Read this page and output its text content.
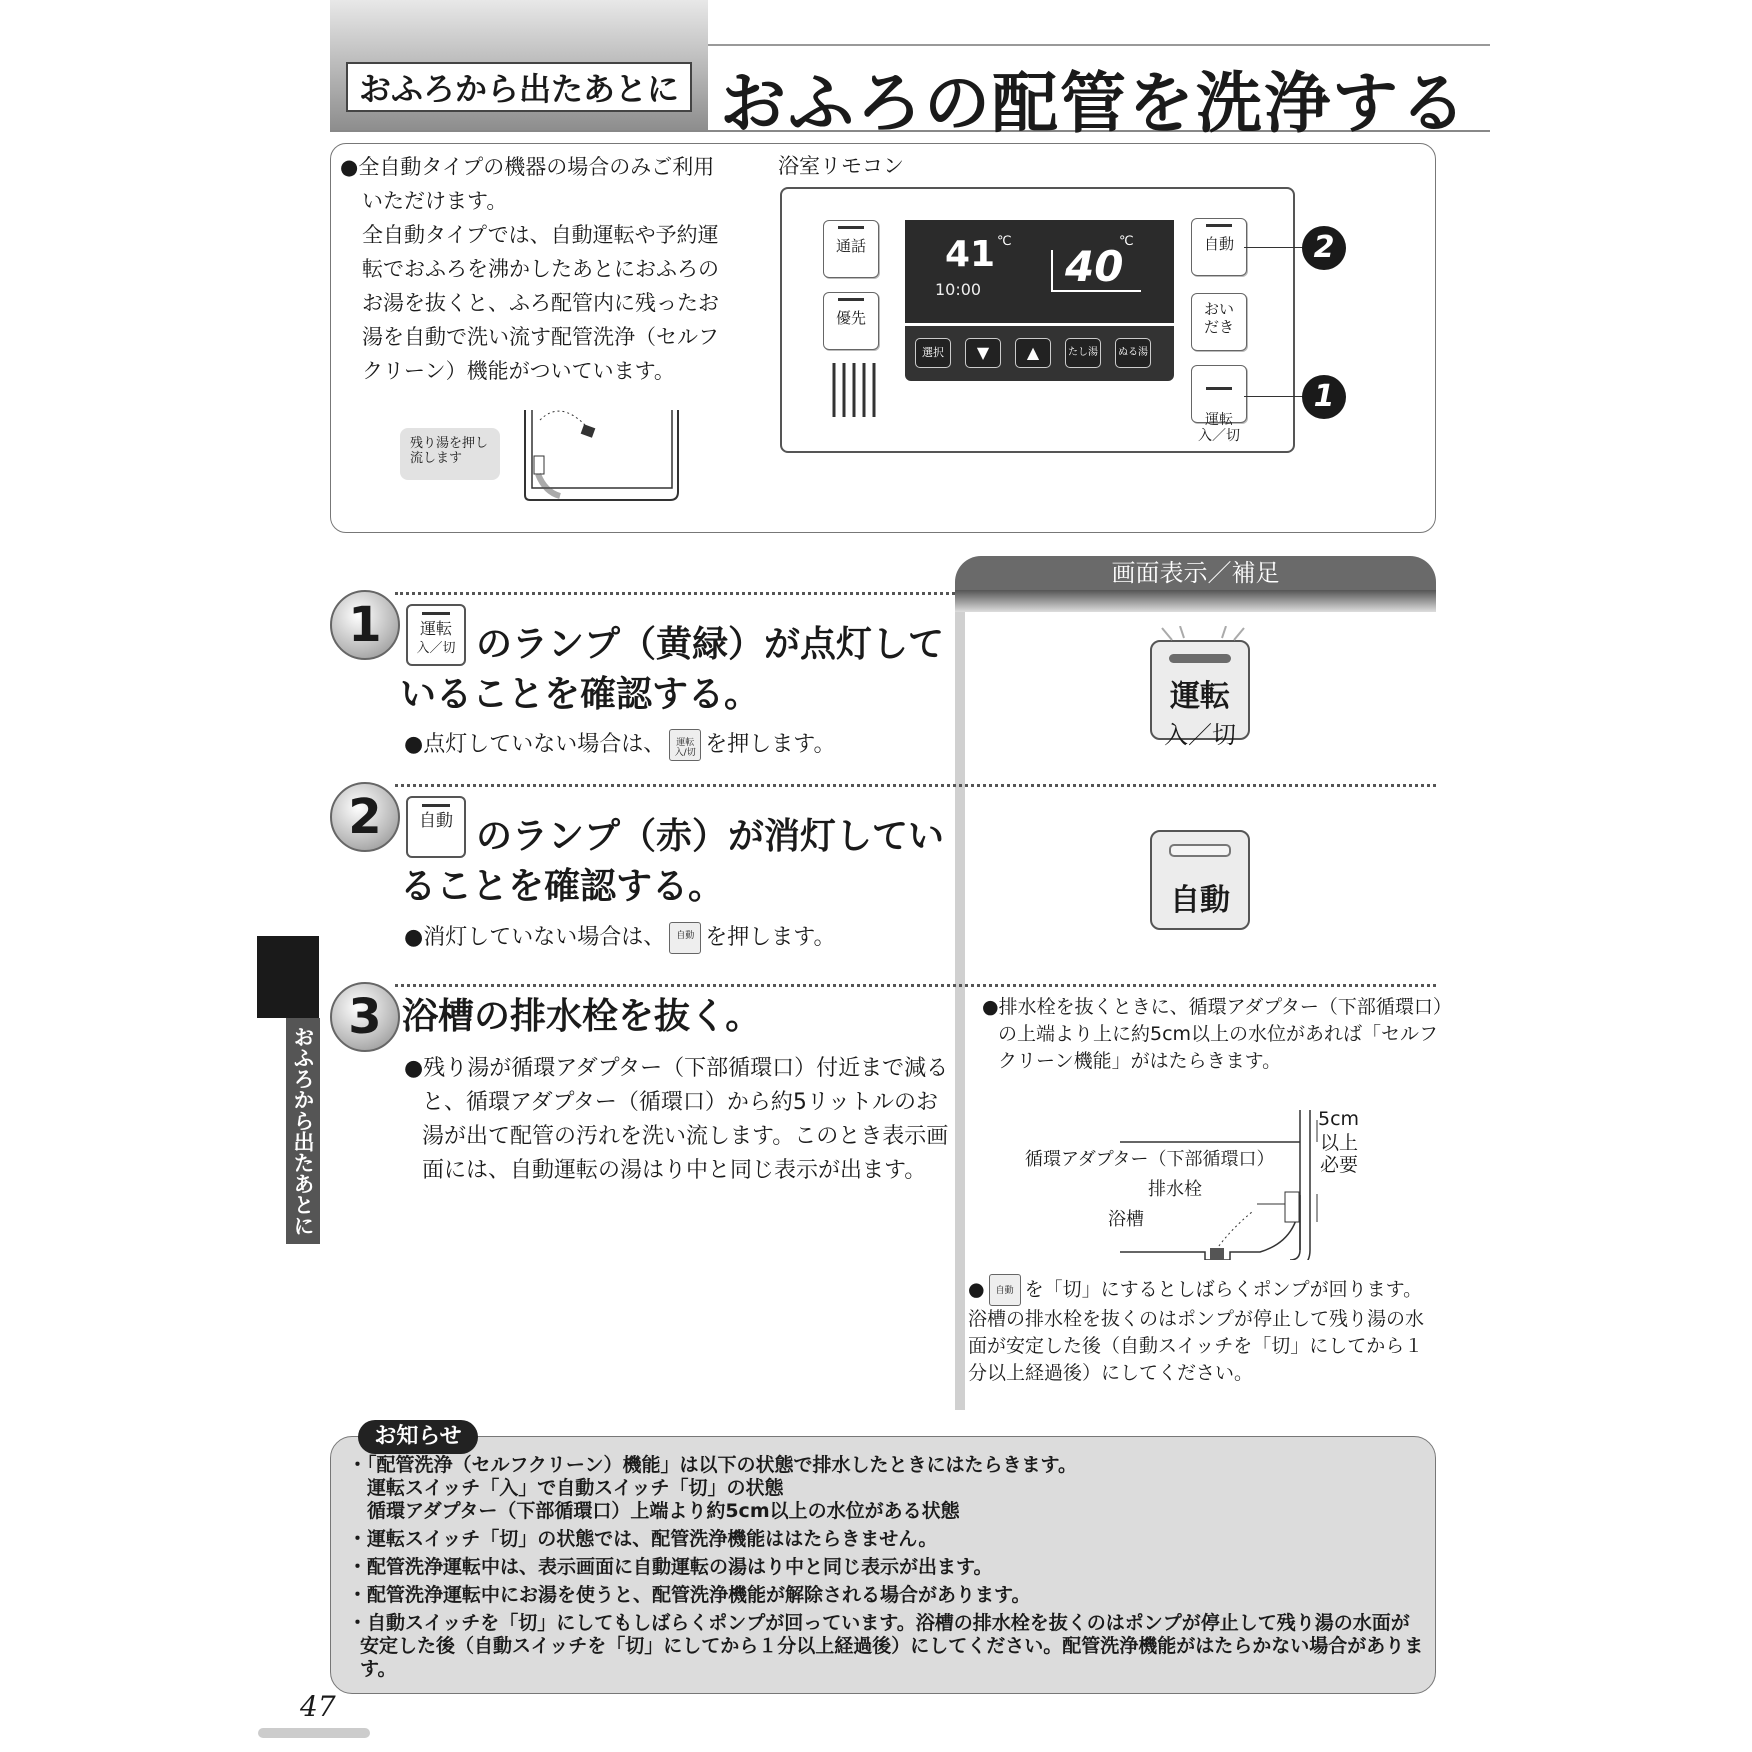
おふろから出たあとに おふろの配管を洗浄する
●全自動タイプの機器の場合のみご利用
いただけます。
全自動タイプでは、自動運転や予約運
転でおふろを沸かしたあとにおふろの
お湯を抜くと、ふろ配管内に残ったお
湯を自動で洗い流す配管洗浄（セルフ
クリーン）機能がついています。
残り湯を押し
流します
浴室リモコン
通話
優先
41 ℃
10:00 40
℃
選択	▼	▲	たし湯	ぬる湯
自動
おい
だき

運転
入／切

2
1
画面表示／補足
1	運転
入／切 のランプ（黄緑）が点灯して
いることを確認する。
●点灯していない場合は、 運転
入/切 を押します。
運転
入／切
2	自動 のランプ（赤）が消灯してい
ることを確認する。
●消灯していない場合は、 自動 を押します。
自動
3 浴槽の排水栓を抜く。
●残り湯が循環アダプター（下部循環口）付近まで減ると、循環アダプター（循環口）から約5リットルのお湯が出て配管の汚れを洗い流します。このとき表示画面には、自動運転の湯はり中と同じ表示が出ます。
●排水栓を抜くときに、循環アダプター（下部循環口）の上端より上に約5cm以上の水位があれば「セルフクリーン機能」がはたらきます。
5cm
以上
必要
循環アダプター（下部循環口）
排水栓
浴槽
● 自動 を「切」にするとしばらくポンプが回ります。浴槽の排水栓を抜くのはポンプが停止して残り湯の水面が安定した後（自動スイッチを「切」にしてから１分以上経過後）にしてください。
おふろから出たあとに
お知らせ
・「配管洗浄（セルフクリーン）機能」は以下の状態で排水したときにはたらきます。
　運転スイッチ「入」で自動スイッチ「切」の状態
　循環アダプター（下部循環口）上端より約5cm以上の水位がある状態
・運転スイッチ「切」の状態では、配管洗浄機能ははたらきません。
・配管洗浄運転中は、表示画面に自動運転の湯はり中と同じ表示が出ます。
・配管洗浄運転中にお湯を使うと、配管洗浄機能が解除される場合があります。
・自動スイッチを「切」にしてもしばらくポンプが回っています。浴槽の排水栓を抜くのはポンプが停止して残り湯の水面が安定した後（自動スイッチを「切」にしてから１分以上経過後）にしてください。配管洗浄機能がはたらかない場合があります。
47
